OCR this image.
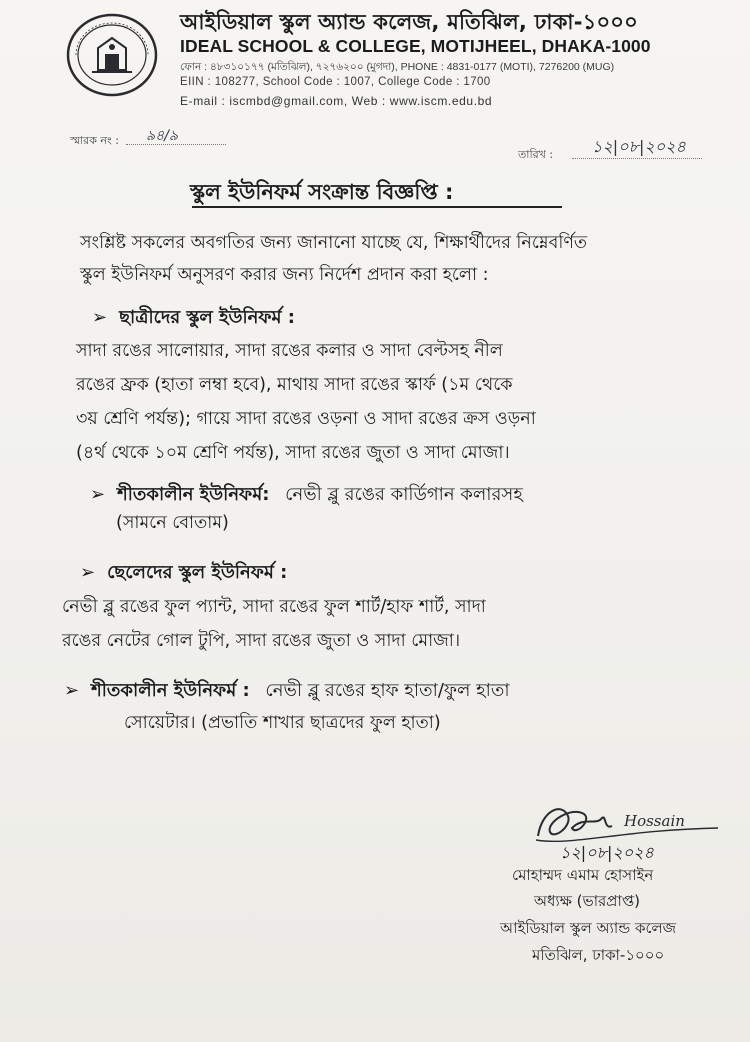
আইডিয়াল স্কুল অ্যান্ড কলেজ, মতিঝিল, ঢাকা-১০০০
IDEAL SCHOOL & COLLEGE, MOTIJHEEL, DHAKA-1000
ফোন : ৪৮৩১০১৭৭ (মতিঝিল), ৭২৭৬২০০ (মুগদা), PHONE : 4831-0177 (MOTI), 7276200 (MUG)
EIIN : 108277, School Code : 1007, College Code : 1700
E-mail : iscmbd@gmail.com, Web : www.iscm.edu.bd
স্মারক নং : ৯৪/৯
তারিখ : ১২|০৮|২০২৪
স্কুল ইউনিফর্ম সংক্রান্ত বিজ্ঞপ্তি :
সংশ্লিষ্ট সকলের অবগতির জন্য জানানো যাচ্ছে যে, শিক্ষার্থীদের নিম্নেবর্ণিত
স্কুল ইউনিফর্ম অনুসরণ করার জন্য নির্দেশ প্রদান করা হলো :
➢ ছাত্রীদের স্কুল ইউনিফর্ম :
সাদা রঙের সালোয়ার, সাদা রঙের কলার ও সাদা বেল্টসহ নীল
রঙের ফ্রক (হাতা লম্বা হবে), মাথায় সাদা রঙের স্কার্ফ (১ম থেকে
৩য় শ্রেণি পর্যন্ত); গায়ে সাদা রঙের ওড়না ও সাদা রঙের ক্রস ওড়না
(৪র্থ থেকে ১০ম শ্রেণি পর্যন্ত), সাদা রঙের জুতা ও সাদা মোজা।
➢ শীতকালীন ইউনিফর্ম: নেভী ব্লু রঙের কার্ডিগান কলারসহ
(সামনে বোতাম)
➢ ছেলেদের স্কুল ইউনিফর্ম :
নেভী ব্লু রঙের ফুল প্যান্ট, সাদা রঙের ফুল শার্ট/হাফ শার্ট, সাদা
রঙের নেটের গোল টুপি, সাদা রঙের জুতা ও সাদা মোজা।
➢ শীতকালীন ইউনিফর্ম : নেভী ব্লু রঙের হাফ হাতা/ফুল হাতা
সোয়েটার। (প্রভাতি শাখার ছাত্রদের ফুল হাতা)
Hossain
১২|০৮|২০২৪
মোহাম্মদ এমাম হোসাইন
অধ্যক্ষ (ভারপ্রাপ্ত)
আইডিয়াল স্কুল অ্যান্ড কলেজ
মতিঝিল, ঢাকা-১০০০
